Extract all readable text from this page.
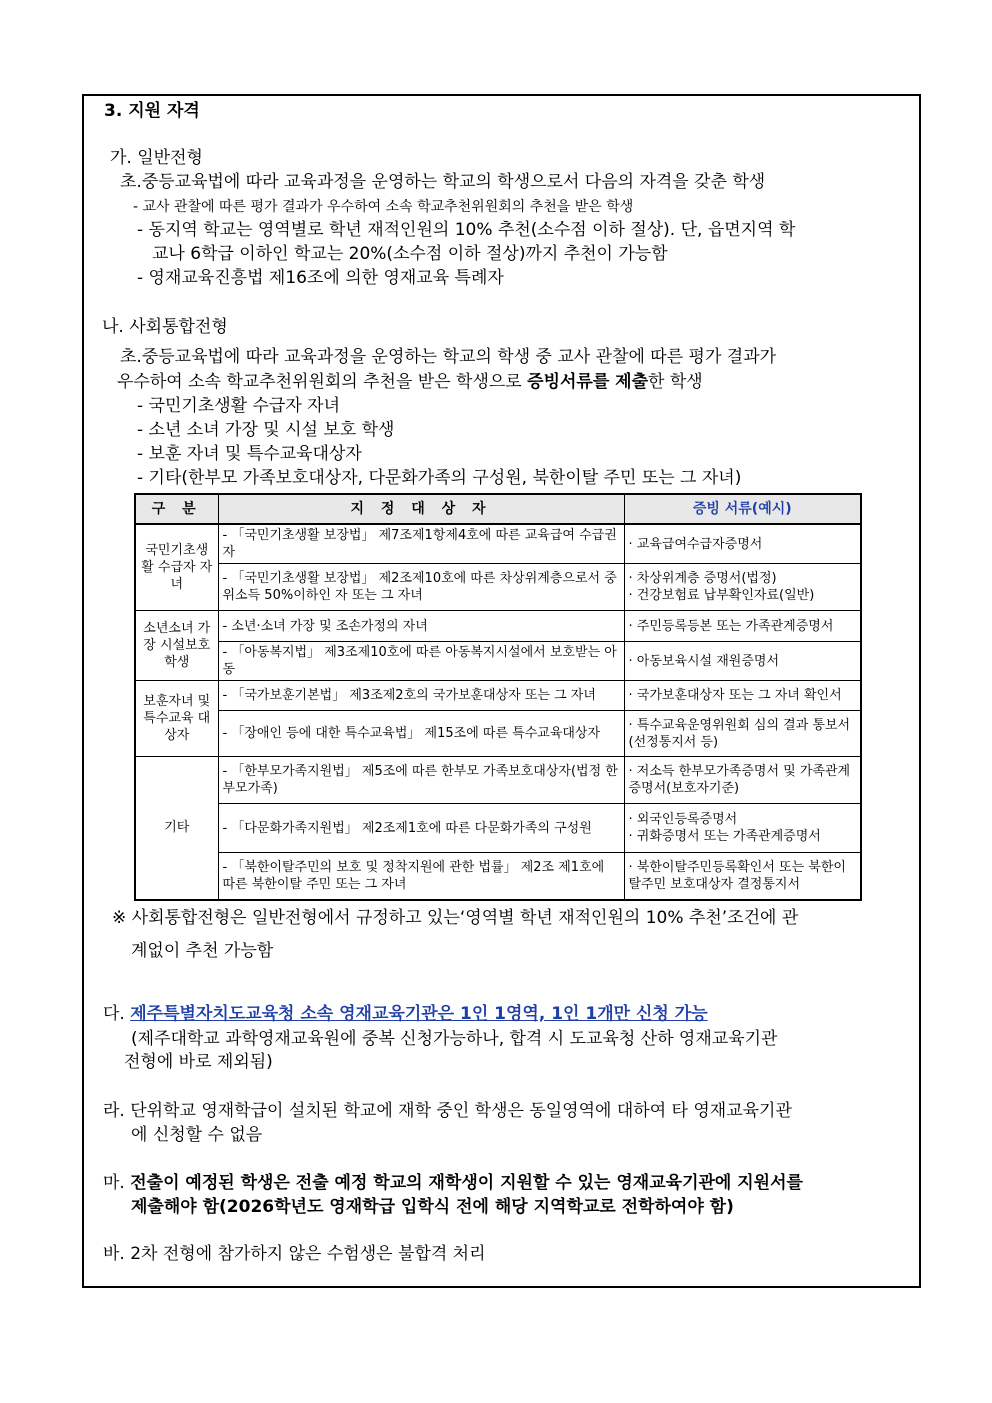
3. 지원 자격
가. 일반전형
초.중등교육법에 따라 교육과정을 운영하는 학교의 학생으로서 다음의 자격을 갖춘 학생
- 교사 관찰에 따른 평가 결과가 우수하여 소속 학교추천위원회의 추천을 받은 학생
- 동지역 학교는 영역별로 학년 재적인원의 10% 추천(소수점 이하 절상). 단, 읍면지역 학
교나 6학급 이하인 학교는 20%(소수점 이하 절상)까지 추천이 가능함
- 영재교육진흥법 제16조에 의한 영재교육 특례자
나. 사회통합전형
초.중등교육법에 따라 교육과정을 운영하는 학교의 학생 중 교사 관찰에 따른 평가 결과가
우수하여 소속 학교추천위원회의 추천을 받은 학생으로 증빙서류를 제출한 학생
- 국민기초생활 수급자 자녀
- 소년 소녀 가장 및 시설 보호 학생
- 보훈 자녀 및 특수교육대상자
- 기타(한부모 가족보호대상자, 다문화가족의 구성원, 북한이탈 주민 또는 그 자녀)
구 분	지 정 대 상 자	증빙 서류(예시)
국민기초생활 수급자 자녀	- 「국민기초생활 보장법」 제7조제1항제4호에 따른 교육급여 수급권자	· 교육급여수급자증명서
	- 「국민기초생활 보장법」 제2조제10호에 따른 차상위계층으로서 중위소득 50%이하인 자 또는 그 자녀	· 차상위계층 증명서(법정)
· 건강보험료 납부확인자료(일반)

소년소녀 가장 시설보호학생	- 소년·소녀 가장 및 조손가정의 자녀	· 주민등록등본 또는 가족관계증명서
	- 「아동복지법」 제3조제10호에 따른 아동복지시설에서 보호받는 아동	· 아동보육시설 재원증명서
보훈자녀 및 특수교육 대상자	- 「국가보훈기본법」 제3조제2호의 국가보훈대상자 또는 그 자녀	· 국가보훈대상자 또는 그 자녀 확인서
	- 「장애인 등에 대한 특수교육법」 제15조에 따른 특수교육대상자	· 특수교육운영위원회 심의 결과 통보서(선정통지서 등)
기타	- 「한부모가족지원법」 제5조에 따른 한부모 가족보호대상자(법정 한부모가족)	· 저소득 한부모가족증명서 및 가족관계증명서(보호자기준)
	- 「다문화가족지원법」 제2조제1호에 따른 다문화가족의 구성원	· 외국인등록증명서
· 귀화증명서 또는 가족관계증명서

	- 「북한이탈주민의 보호 및 정착지원에 관한 법률」 제2조 제1호에 따른 북한이탈 주민 또는 그 자녀	· 북한이탈주민등록확인서 또는 북한이탈주민 보호대상자 결정통지서
※ 사회통합전형은 일반전형에서 규정하고 있는‘영역별 학년 재적인원의 10% 추천’조건에 관
계없이 추천 가능함
다. 제주특별자치도교육청 소속 영재교육기관은 1인 1영역, 1인 1개만 신청 가능
(제주대학교 과학영재교육원에 중복 신청가능하나, 합격 시 도교육청 산하 영재교육기관
전형에 바로 제외됨)
라. 단위학교 영재학급이 설치된 학교에 재학 중인 학생은 동일영역에 대하여 타 영재교육기관
에 신청할 수 없음
마. 전출이 예정된 학생은 전출 예정 학교의 재학생이 지원할 수 있는 영재교육기관에 지원서를
제출해야 함(2026학년도 영재학급 입학식 전에 해당 지역학교로 전학하여야 함)
바. 2차 전형에 참가하지 않은 수험생은 불합격 처리
